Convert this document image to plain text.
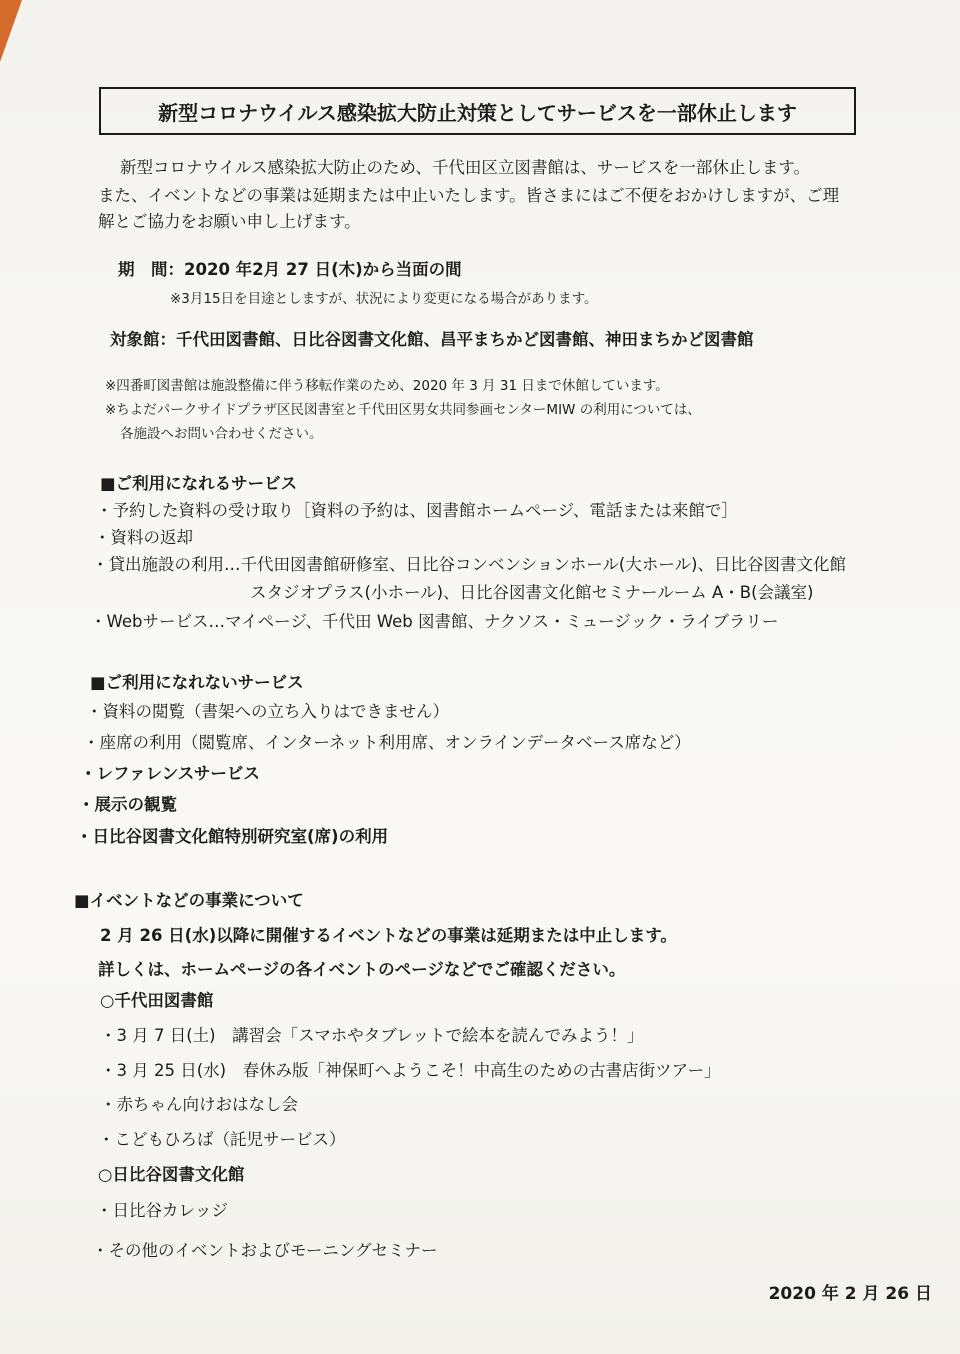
新型コロナウイルス感染拡大防止対策としてサービスを一部休止します
新型コロナウイルス感染拡大防止のため、千代田区立図書館は、サービスを一部休止します。
また、イベントなどの事業は延期または中止いたします。皆さまにはご不便をおかけしますが、ご理
解とご協力をお願い申し上げます。
期　間：2020 年2月 27 日(木)から当面の間
※3月15日を目途としますが、状況により変更になる場合があります。
対象館：千代田図書館、日比谷図書文化館、昌平まちかど図書館、神田まちかど図書館
※四番町図書館は施設整備に伴う移転作業のため、2020 年 3 月 31 日まで休館しています。
※ちよだパークサイドプラザ区民図書室と千代田区男女共同参画センターMIW の利用については、
各施設へお問い合わせください。
■ご利用になれるサービス
・予約した資料の受け取り［資料の予約は、図書館ホームページ、電話または来館で］
・資料の返却
・貸出施設の利用…千代田図書館研修室、日比谷コンベンションホール(大ホール)、日比谷図書文化館
スタジオプラス(小ホール)、日比谷図書文化館セミナールーム A・B(会議室)
・Webサービス…マイページ、千代田 Web 図書館、ナクソス・ミュージック・ライブラリー
■ご利用になれないサービス
・資料の閲覧（書架への立ち入りはできません）
・座席の利用（閲覧席、インターネット利用席、オンラインデータベース席など）
・レファレンスサービス
・展示の観覧
・日比谷図書文化館特別研究室(席)の利用
■イベントなどの事業について
2 月 26 日(水)以降に開催するイベントなどの事業は延期または中止します。
詳しくは、ホームページの各イベントのページなどでご確認ください。
○千代田図書館
・3 月 7 日(土)　講習会「スマホやタブレットで絵本を読んでみよう！」
・3 月 25 日(水)　春休み版「神保町へようこそ！中高生のための古書店街ツアー」
・赤ちゃん向けおはなし会
・こどもひろば（託児サービス）
○日比谷図書文化館
・日比谷カレッジ
・その他のイベントおよびモーニングセミナー
2020 年 2 月 26 日
